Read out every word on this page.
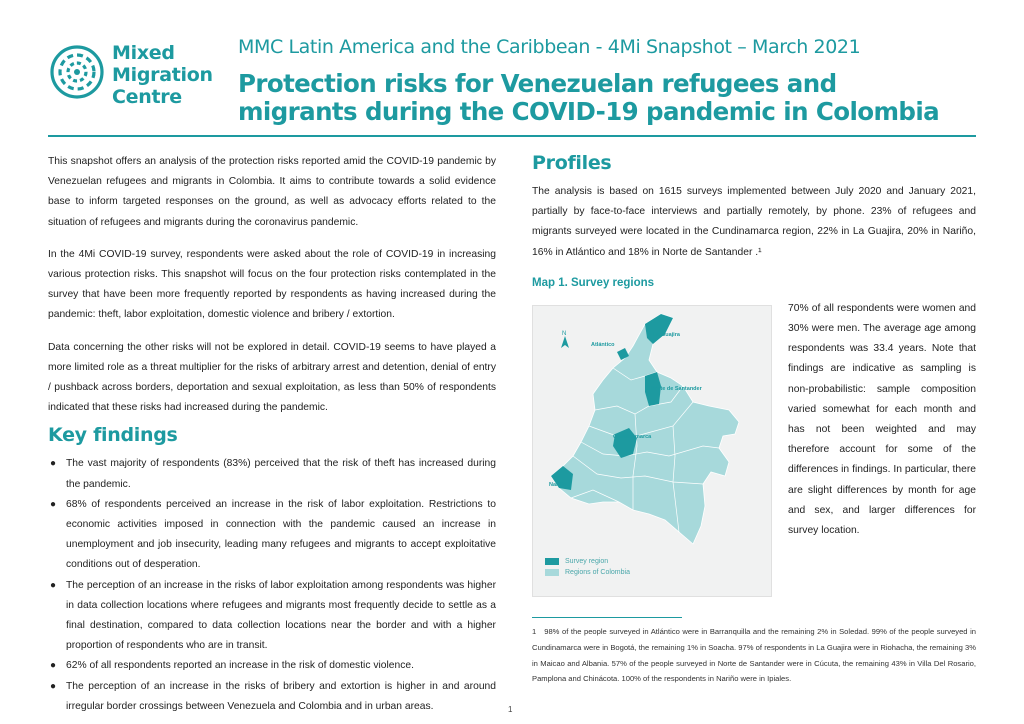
Mixed
Migration
Centre
MMC Latin America and the Caribbean - 4Mi Snapshot – March 2021
Protection risks for Venezuelan refugees and migrants during the COVID-19 pandemic in Colombia

This snapshot offers an analysis of the protection risks reported amid the COVID-19 pandemic by Venezuelan refugees and migrants in Colombia. It aims to contribute towards a solid evidence base to inform targeted responses on the ground, as well as advocacy efforts related to the situation of refugees and migrants during the coronavirus pandemic.

In the 4Mi COVID-19 survey, respondents were asked about the role of COVID-19 in increasing various protection risks. This snapshot will focus on the four protection risks contemplated in the survey that have been more frequently reported by respondents as having increased during the pandemic: theft, labor exploitation, domestic violence and bribery / extortion.

Data concerning the other risks will not be explored in detail. COVID-19 seems to have played a more limited role as a threat multiplier for the risks of arbitrary arrest and detention, denial of entry / pushback across borders, deportation and sexual exploitation, as less than 50% of respondents indicated that these risks had increased during the pandemic.

Key findings
● The vast majority of respondents (83%) perceived that the risk of theft has increased during the pandemic.
● 68% of respondents perceived an increase in the risk of labor exploitation. Restrictions to economic activities imposed in connection with the pandemic caused an increase in unemployment and job insecurity, leading many refugees and migrants to accept exploitative conditions out of desperation.
● The perception of an increase in the risks of labor exploitation among respondents was higher in data collection locations where refugees and migrants most frequently decide to settle as a final destination, compared to data collection locations near the border and with a higher proportion of respondents who are in transit.
● 62% of all respondents reported an increase in the risk of domestic violence.
● The perception of an increase in the risks of bribery and extortion is higher in and around irregular border crossings between Venezuela and Colombia and in urban areas.
Profiles

The analysis is based on 1615 surveys implemented between July 2020 and January 2021, partially by face-to-face interviews and partially remotely, by phone. 23% of refugees and migrants surveyed were located in the Cundinamarca region, 22% in La Guajira, 20% in Nariño, 16% in Atlántico and 18% in Norte de Santander .¹

Map 1. Survey regions
N	La Guajira
Atlántico
Norte de Santander
Cundinamarca
Nariño
Survey region
Regions of Colombia

70% of all respondents were women and 30% were men. The average age among respondents was 33.4 years. Note that findings are indicative as sampling is non-probabilistic: sample composition varied somewhat for each month and has not been weighted and may therefore account for some of the differences in findings. In particular, there are slight differences by month for age and sex, and larger differences for survey location.

1 98% of the people surveyed in Atlántico were in Barranquilla and the remaining 2% in Soledad. 99% of the people surveyed in Cundinamarca were in Bogotá, the remaining 1% in Soacha. 97% of respondents in La Guajira were in Riohacha, the remaining 3% in Maicao and Albania. 57% of the people surveyed in Norte de Santander were in Cúcuta, the remaining 43% in Villa Del Rosario, Pamplona and Chinácota. 100% of the respondents in Nariño were in Ipiales.
1
